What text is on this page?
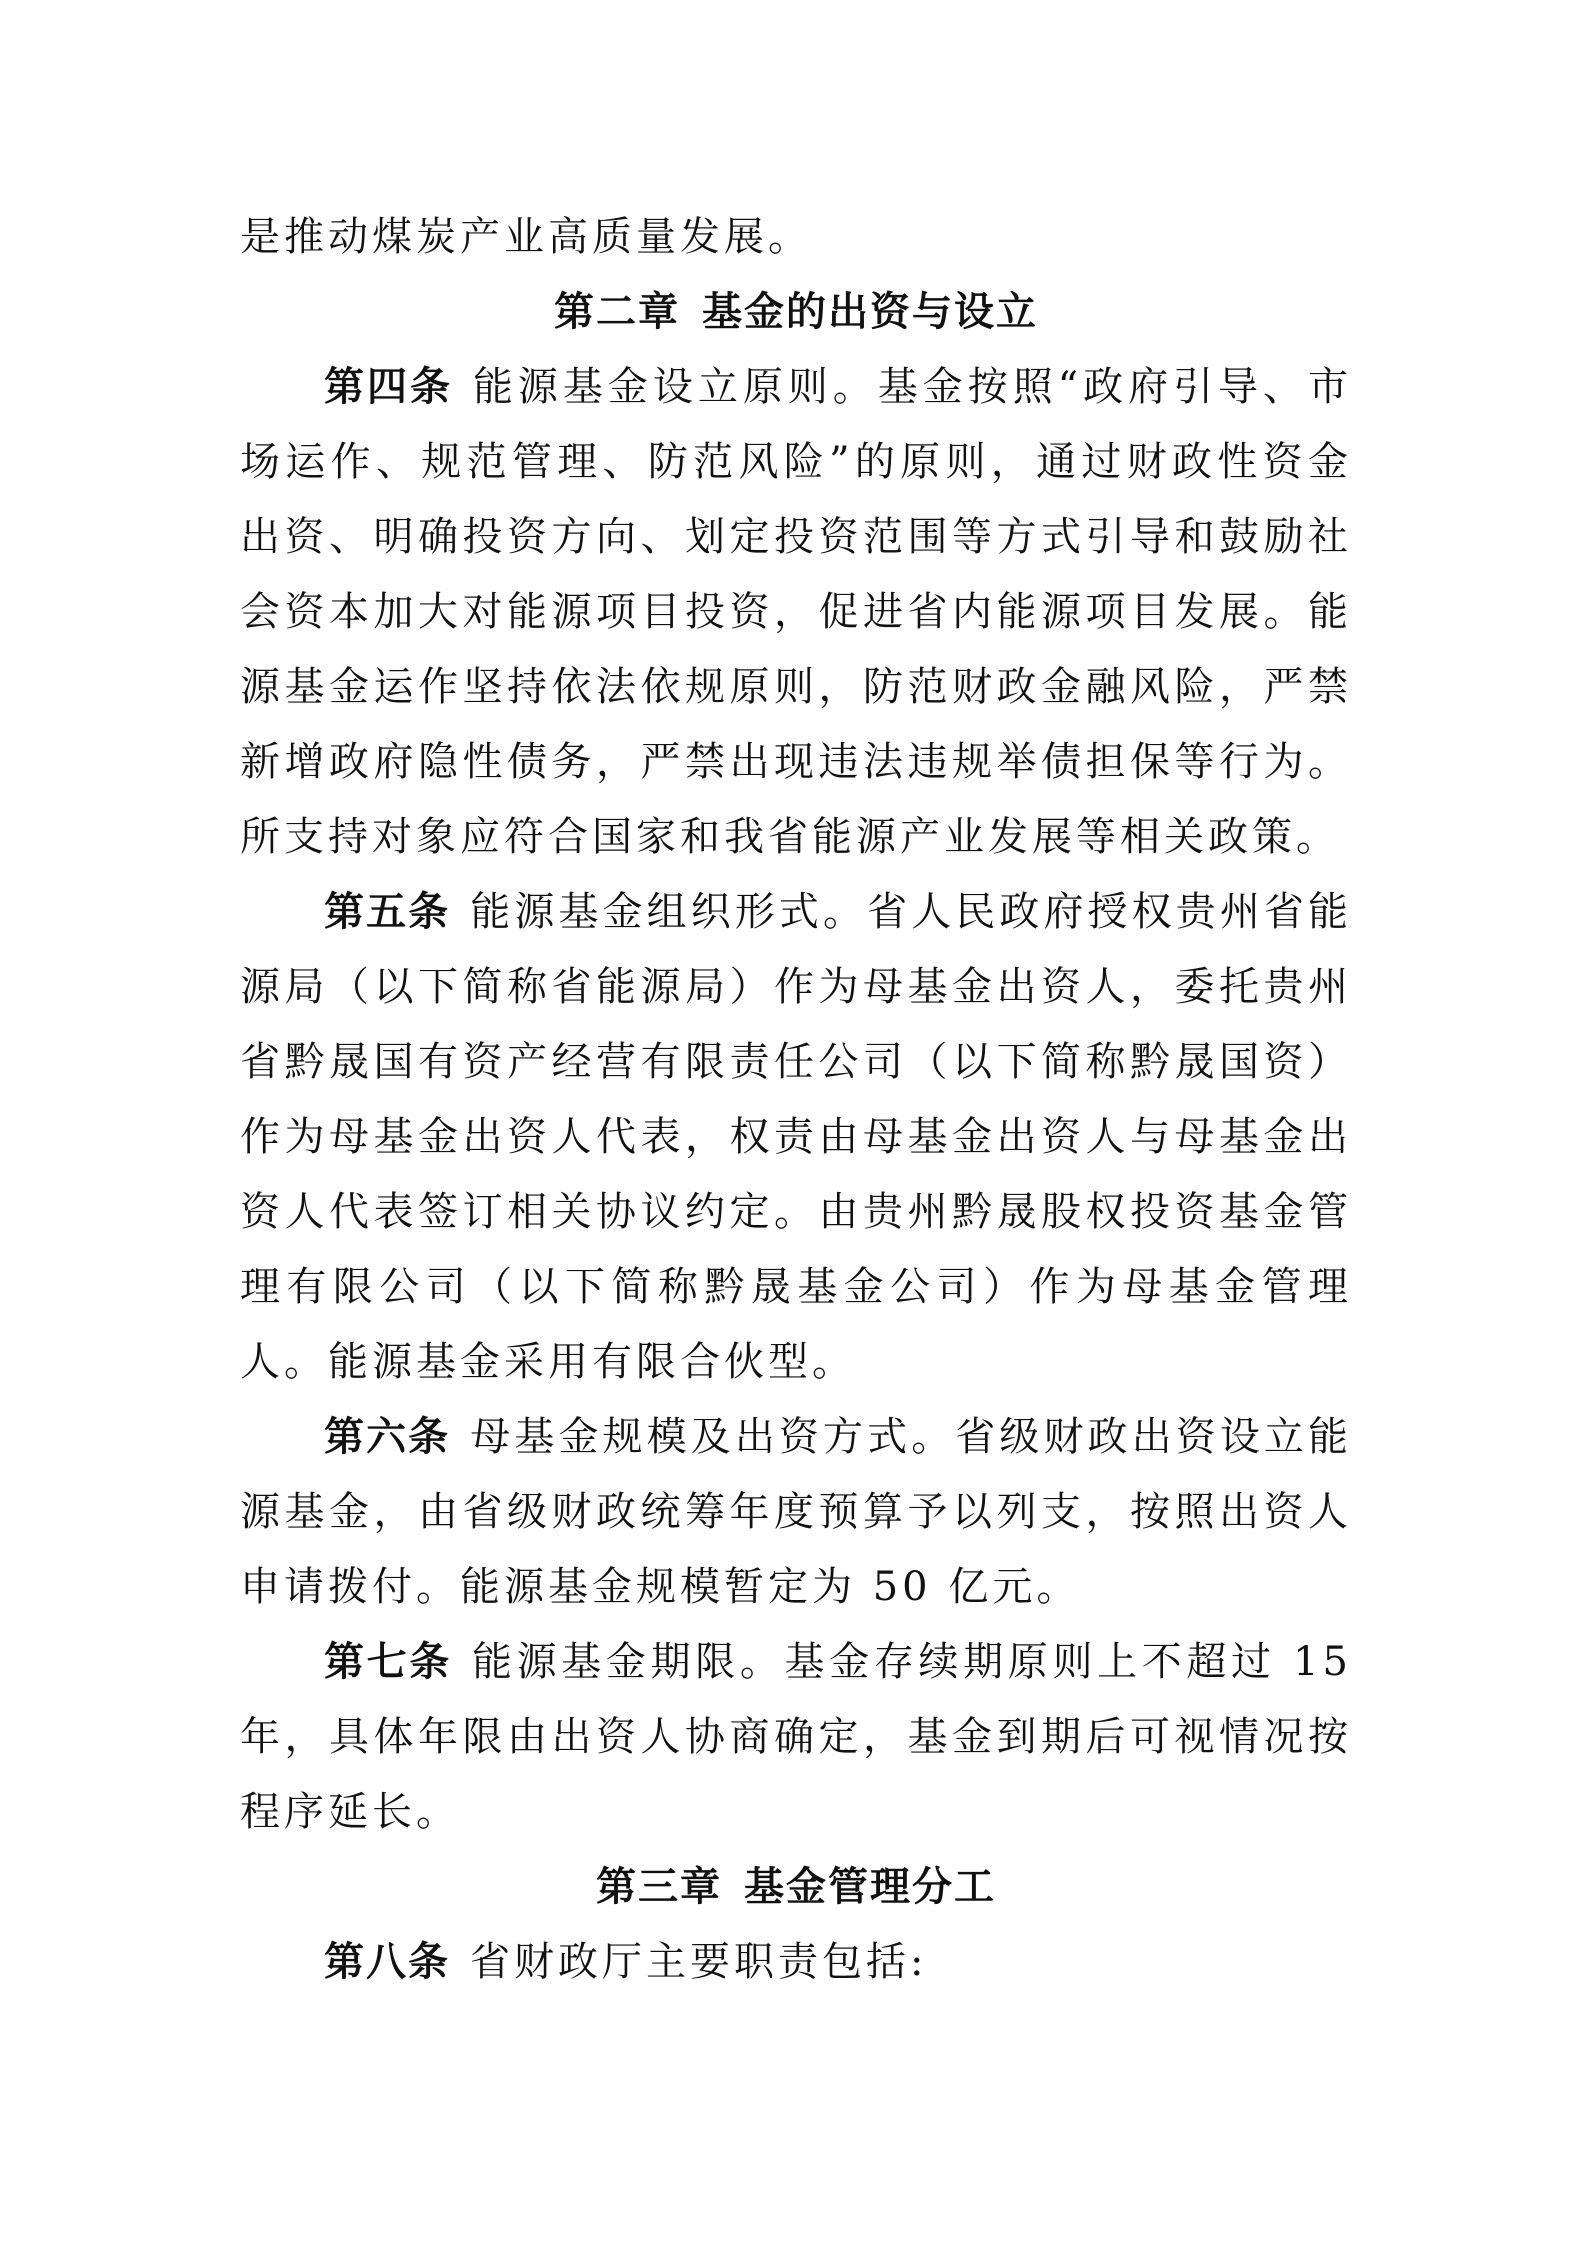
是推动煤炭产业高质量发展。

第二章 基金的出资与设立

第四条 能源基金设立原则。基金按照“政府引导、市场运作、规范管理、防范风险”的原则，通过财政性资金出资、明确投资方向、划定投资范围等方式引导和鼓励社会资本加大对能源项目投资，促进省内能源项目发展。能源基金运作坚持依法依规原则，防范财政金融风险，严禁新增政府隐性债务，严禁出现违法违规举债担保等行为。所支持对象应符合国家和我省能源产业发展等相关政策。

第五条 能源基金组织形式。省人民政府授权贵州省能源局（以下简称省能源局）作为母基金出资人，委托贵州省黔晟国有资产经营有限责任公司（以下简称黔晟国资）作为母基金出资人代表，权责由母基金出资人与母基金出资人代表签订相关协议约定。由贵州黔晟股权投资基金管理有限公司（以下简称黔晟基金公司）作为母基金管理人。能源基金采用有限合伙型。

第六条 母基金规模及出资方式。省级财政出资设立能源基金，由省级财政统筹年度预算予以列支，按照出资人申请拨付。能源基金规模暂定为 50 亿元。

第七条 能源基金期限。基金存续期原则上不超过 15 年，具体年限由出资人协商确定，基金到期后可视情况按程序延长。

第三章 基金管理分工

第八条 省财政厅主要职责包括:
